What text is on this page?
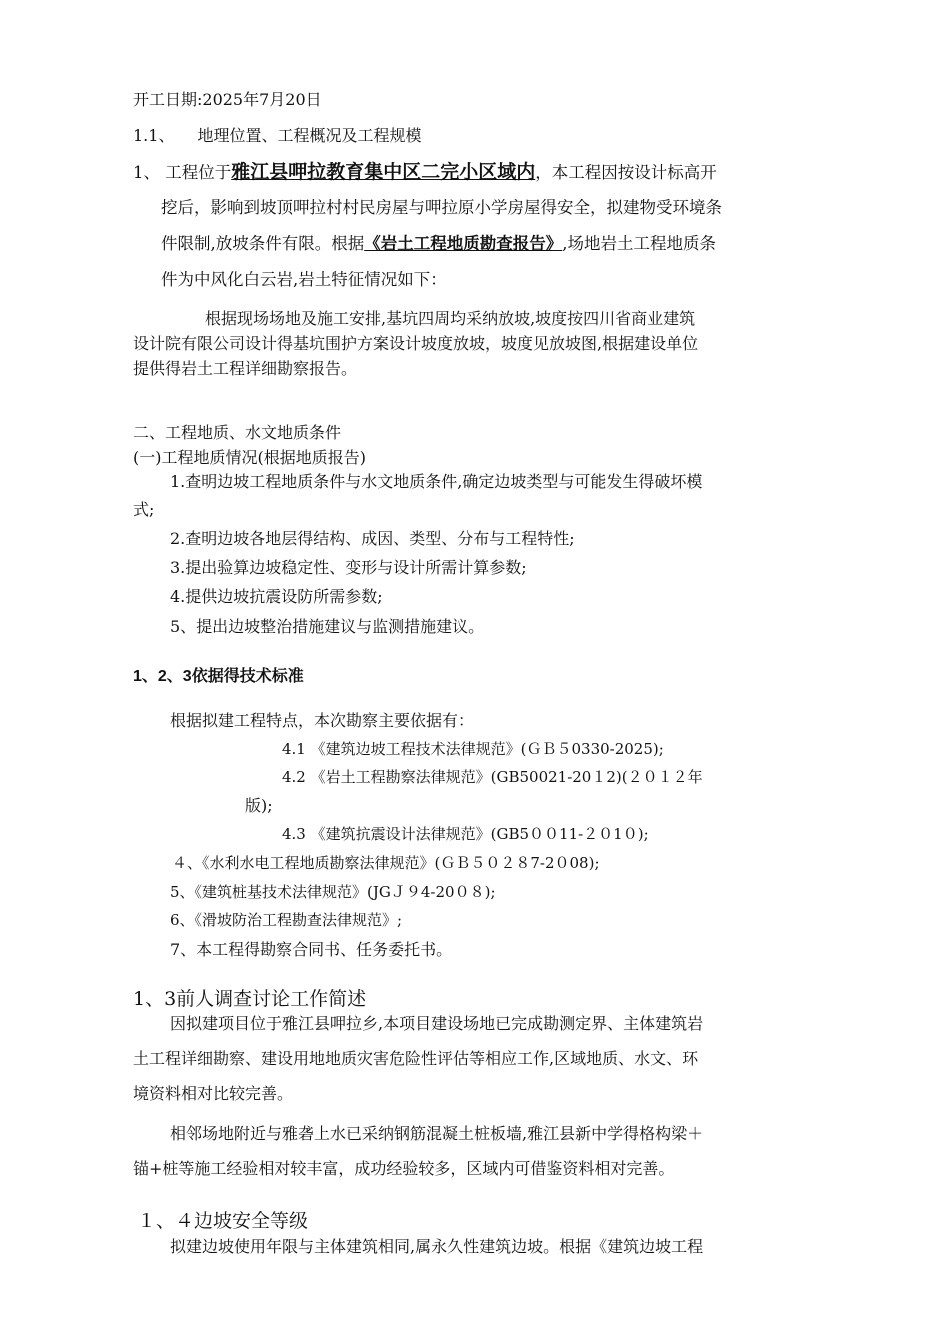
开工日期:2025年7月20日
1.1、 地理位置、工程概况及工程规模
1、 工程位于雅江县呷拉教育集中区二完小区域内，本工程因按设计标高开
挖后，影响到坡顶呷拉村村民房屋与呷拉原小学房屋得安全，拟建物受环境条
件限制,放坡条件有限。根据《岩土工程地质勘查报告》,场地岩土工程地质条
件为中风化白云岩,岩土特征情况如下：
根据现场场地及施工安排,基坑四周均采纳放坡,坡度按四川省商业建筑
设计院有限公司设计得基坑围护方案设计坡度放坡，坡度见放坡图,根据建设单位
提供得岩土工程详细勘察报告。
二、工程地质、水文地质条件
(一)工程地质情况(根据地质报告)
1.查明边坡工程地质条件与水文地质条件,确定边坡类型与可能发生得破坏模
式;
2.查明边坡各地层得结构、成因、类型、分布与工程特性;
3.提出验算边坡稳定性、变形与设计所需计算参数;
4.提供边坡抗震设防所需参数;
5、提出边坡整治措施建议与监测措施建议。
1、2、3依据得技术标准
根据拟建工程特点，本次勘察主要依据有：
4.1 《建筑边坡工程技术法律规范》(ＧＢ５0330-2025);
4.2 《岩土工程勘察法律规范》(GB50021-20１2)(２０１２年
版);
4.3 《建筑抗震设计法律规范》(GB5００11-２０1０);
４、《水利水电工程地质勘察法律规范》(ＧＢ５０２８7-2０08);
5、《建筑桩基技术法律规范》(JGＪ９4-20０８);
6、《滑坡防治工程勘查法律规范》;
7、本工程得勘察合同书、任务委托书。
1、3前人调查讨论工作简述
因拟建项目位于雅江县呷拉乡,本项目建设场地已完成勘测定界、主体建筑岩
土工程详细勘察、建设用地地质灾害危险性评估等相应工作,区域地质、水文、环
境资料相对比较完善。
相邻场地附近与雅砻上水已采纳钢筋混凝土桩板墙,雅江县新中学得格构梁＋
锚+桩等施工经验相对较丰富，成功经验较多，区域内可借鉴资料相对完善。
１、４边坡安全等级
拟建边坡使用年限与主体建筑相同,属永久性建筑边坡。根据《建筑边坡工程
